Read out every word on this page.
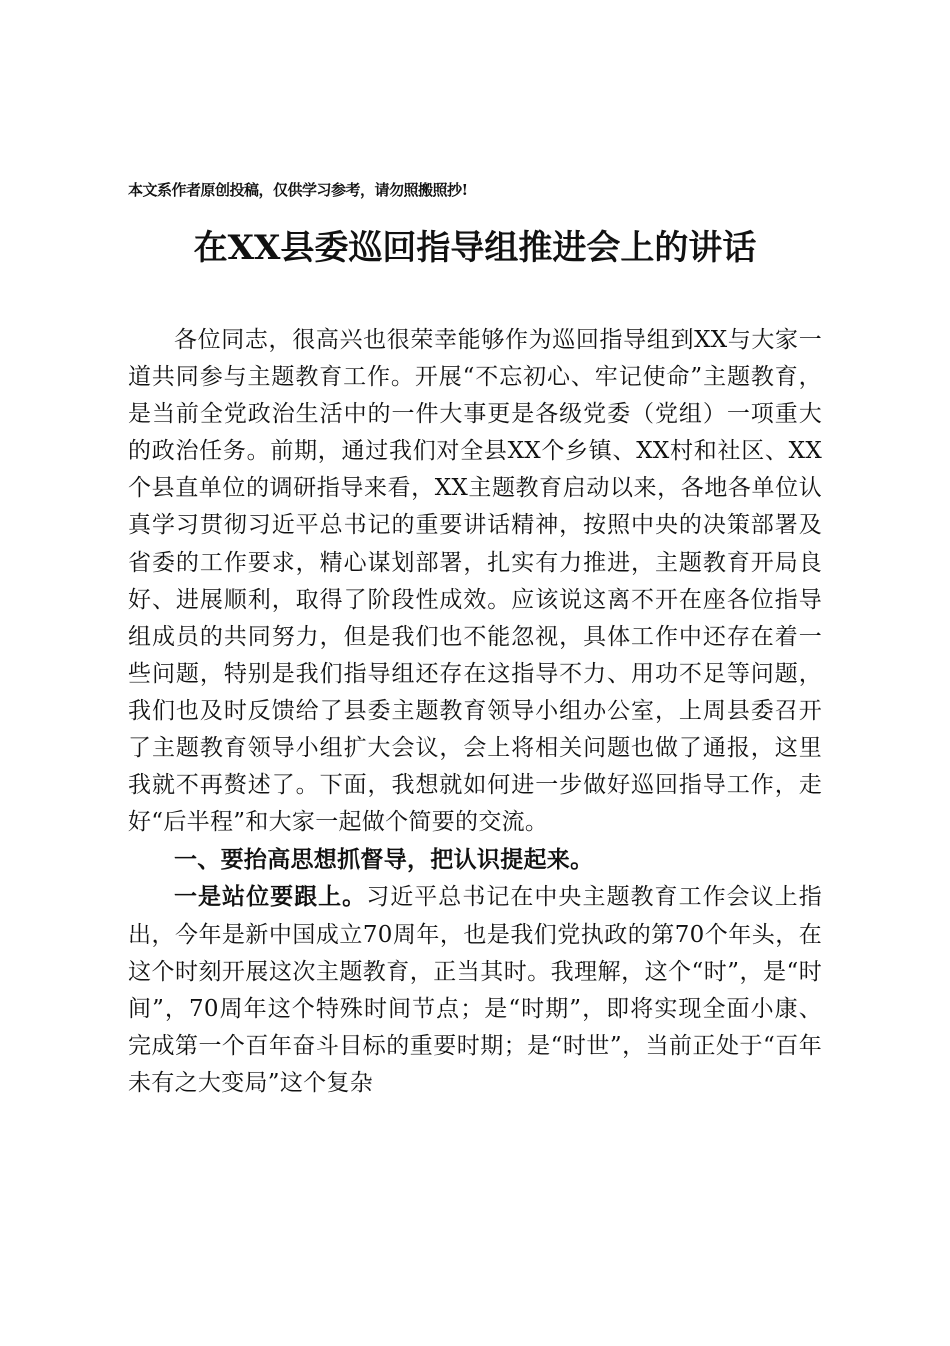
本文系作者原创投稿，仅供学习参考，请勿照搬照抄!
在XX县委巡回指导组推进会上的讲话

各位同志，很高兴也很荣幸能够作为巡回指导组到XX与大家一道共同参与主题教育工作。开展“不忘初心、牢记使命”主题教育，是当前全党政治生活中的一件大事更是各级党委（党组）一项重大的政治任务。前期，通过我们对全县XX个乡镇、XX村和社区、XX个县直单位的调研指导来看，XX主题教育启动以来，各地各单位认真学习贯彻习近平总书记的重要讲话精神，按照中央的决策部署及省委的工作要求，精心谋划部署，扎实有力推进，主题教育开局良好、进展顺利，取得了阶段性成效。应该说这离不开在座各位指导组成员的共同努力，但是我们也不能忽视，具体工作中还存在着一些问题，特别是我们指导组还存在这指导不力、用功不足等问题，我们也及时反馈给了县委主题教育领导小组办公室，上周县委召开了主题教育领导小组扩大会议，会上将相关问题也做了通报，这里我就不再赘述了。下面，我想就如何进一步做好巡回指导工作，走好“后半程”和大家一起做个简要的交流。

一、要抬高思想抓督导，把认识提起来。

一是站位要跟上。习近平总书记在中央主题教育工作会议上指出，今年是新中国成立70周年，也是我们党执政的第70个年头，在这个时刻开展这次主题教育，正当其时。我理解，这个“时”，是“时间”，70周年这个特殊时间节点；是“时期”，即将实现全面小康、完成第一个百年奋斗目标的重要时期；是“时世”，当前正处于“百年未有之大变局”这个复杂
